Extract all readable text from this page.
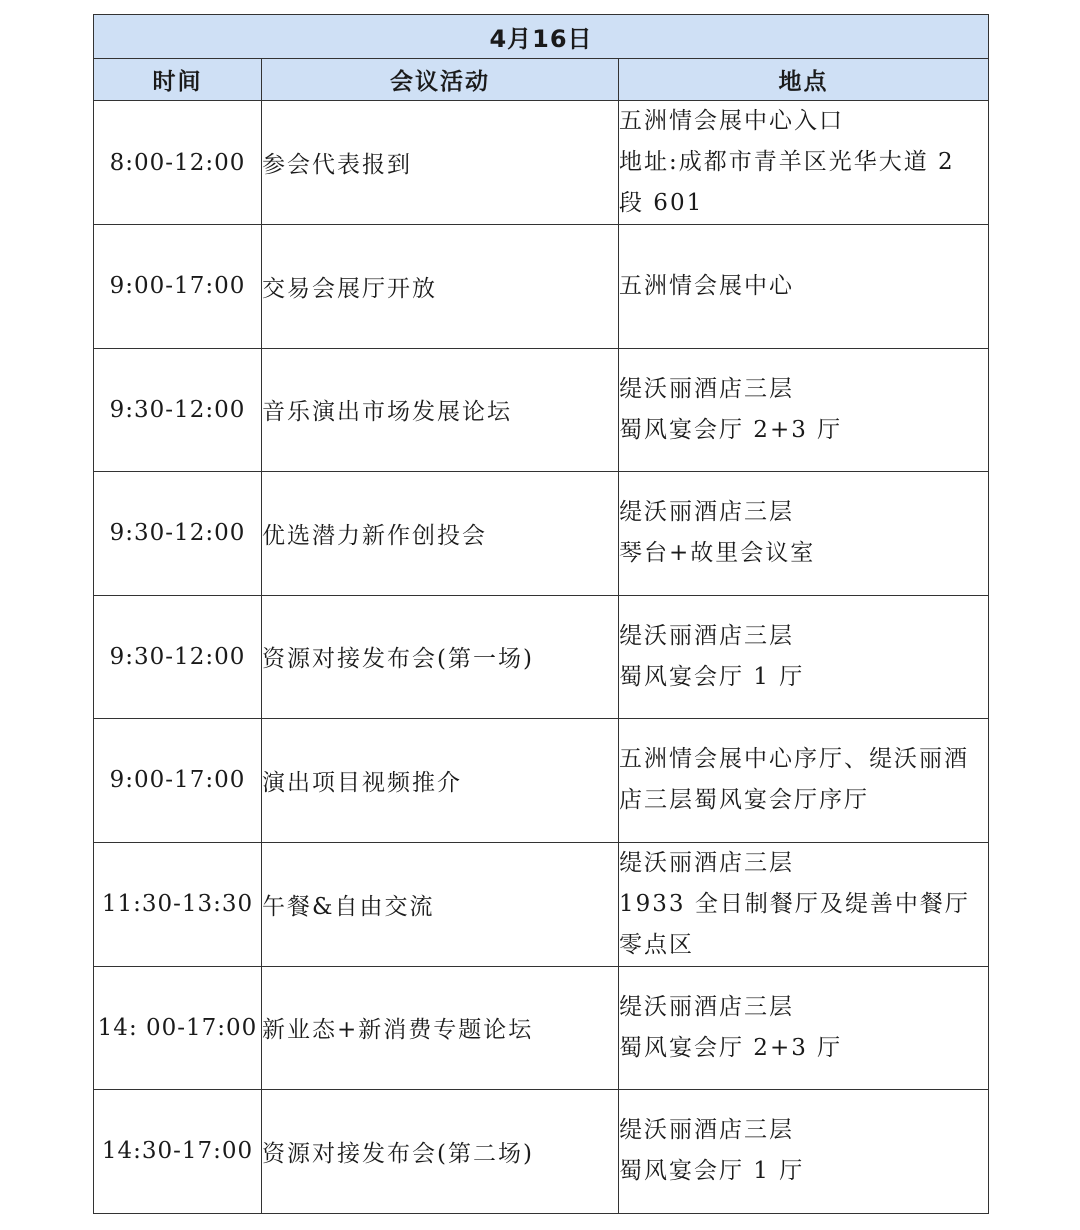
4月16日		
时间	会议活动	地点
8:00-12:00	参会代表报到	五洲情会展中心入口
地址:成都市青羊区光华大道 2
段 601

9:00-17:00	交易会展厅开放	五洲情会展中心

9:30-12:00	音乐演出市场发展论坛	缇沃丽酒店三层
蜀风宴会厅 2+3 厅

9:30-12:00	优选潜力新作创投会	缇沃丽酒店三层
琴台+故里会议室

9:30-12:00	资源对接发布会(第一场)	缇沃丽酒店三层
蜀风宴会厅 1 厅

9:00-17:00	演出项目视频推介	五洲情会展中心序厅、缇沃丽酒
店三层蜀风宴会厅序厅

11:30-13:30	午餐&自由交流	缇沃丽酒店三层
1933 全日制餐厅及缇善中餐厅
零点区

14: 00-17:00	新业态+新消费专题论坛	缇沃丽酒店三层
蜀风宴会厅 2+3 厅

14:30-17:00	资源对接发布会(第二场)	缇沃丽酒店三层
蜀风宴会厅 1 厅
